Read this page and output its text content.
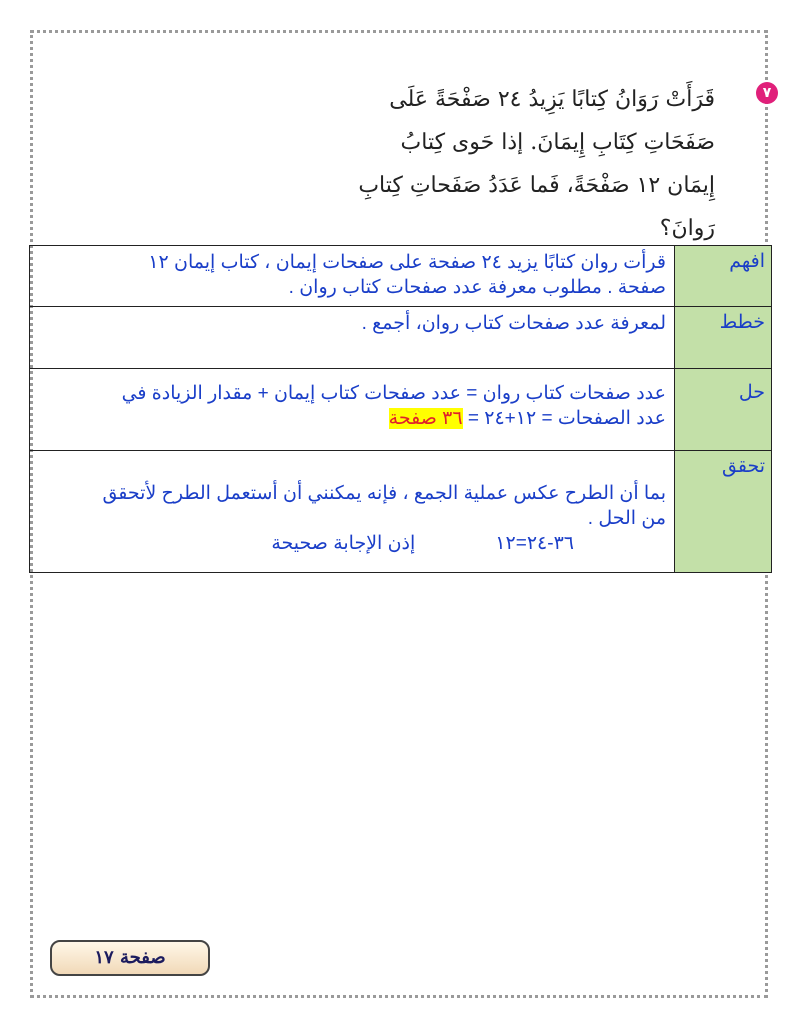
٧
قَرَأَتْ رَوَانُ كِتابًا يَزِيدُ ٢٤ صَفْحَةً عَلَى
صَفَحَاتِ كِتَابِ إِيمَانَ. إذا حَوى كِتابُ
إِيمَان ١٢ صَفْحَةً، فَما عَدَدُ صَفَحاتِ كِتابِ
رَوانَ؟
افهم	قرأت روان كتابًا يزيد ٢٤ صفحة على صفحات إيمان ، كتاب إيمان ١٢
صفحة . مطلوب معرفة عدد صفحات كتاب روان .

خطط	لمعرفة عدد صفحات كتاب روان، أجمع .

حل	عدد صفحات كتاب روان = عدد صفحات كتاب إيمان + مقدار الزيادة في
عدد الصفحات = ١٢+٢٤ = ٣٦ صفحة

تحقق	بما أن الطرح عكس عملية الجمع ، فإنه يمكنني أن أستعمل الطرح لأتحقق
من الحل .
٣٦-٢٤=١٢
إذن الإجابة صحيحة
صفحة ١٧
